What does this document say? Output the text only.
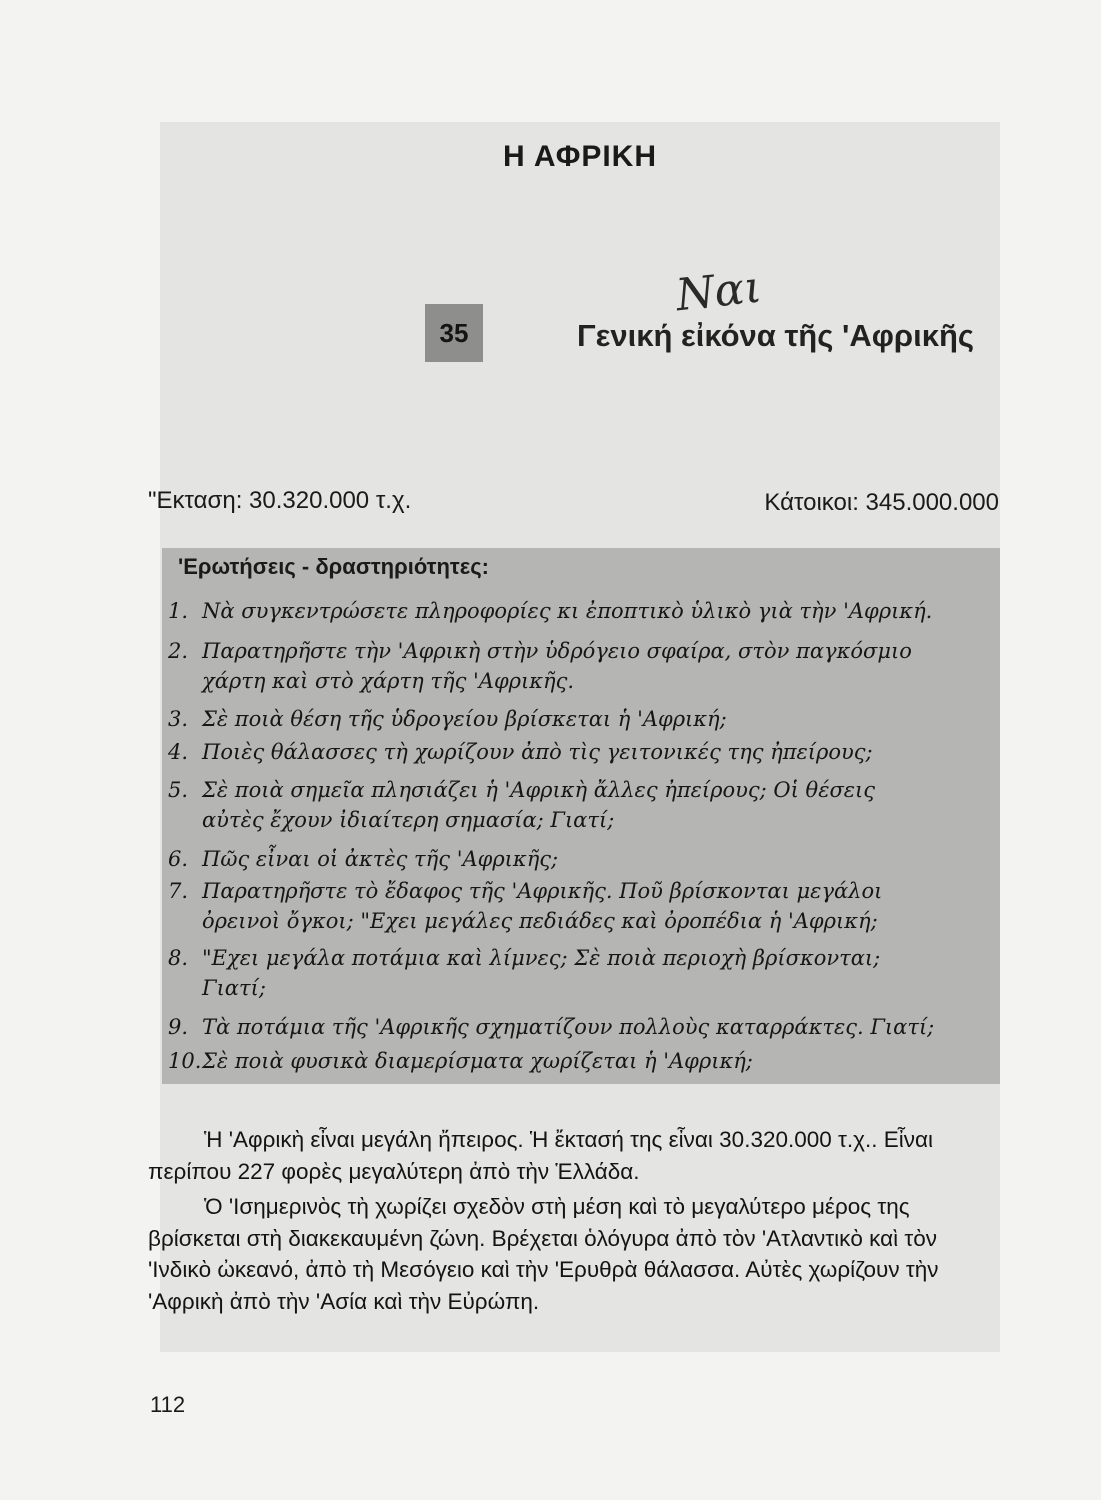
Η ΑΦΡΙΚΗ
Ναι
35	Γενική εἰκόνα τῆς 'Αφρικῆς
"Εκταση: 30.320.000 τ.χ.	Κάτοικοι: 345.000.000
'Ερωτήσεις - δραστηριότητες:
1. Νὰ συγκεντρώσετε πληροφορίες κι ἐποπτικὸ ὑλικὸ γιὰ τὴν 'Αφρική.
2. Παρατηρῆστε τὴν 'Αφρικὴ στὴν ὑδρόγειο σφαίρα, στὸν παγκόσμιο
χάρτη καὶ στὸ χάρτη τῆς 'Αφρικῆς.
3. Σὲ ποιὰ θέση τῆς ὑδρογείου βρίσκεται ἡ 'Αφρική;
4. Ποιὲς θάλασσες τὴ χωρίζουν ἀπὸ τὶς γειτονικές της ἠπείρους;
5. Σὲ ποιὰ σημεῖα πλησιάζει ἡ 'Αφρικὴ ἄλλες ἠπείρους; Οἱ θέσεις
αὐτὲς ἔχουν ἰδιαίτερη σημασία; Γιατί;
6. Πῶς εἶναι οἱ ἀκτὲς τῆς 'Αφρικῆς;
7. Παρατηρῆστε τὸ ἔδαφος τῆς 'Αφρικῆς. Ποῦ βρίσκονται μεγάλοι
ὀρεινοὶ ὄγκοι; "Εχει μεγάλες πεδιάδες καὶ ὀροπέδια ἡ 'Αφρική;
8. "Εχει μεγάλα ποτάμια καὶ λίμνες; Σὲ ποιὰ περιοχὴ βρίσκονται;
Γιατί;
9. Τὰ ποτάμια τῆς 'Αφρικῆς σχηματίζουν πολλοὺς καταρράκτες. Γιατί;
10.Σὲ ποιὰ φυσικὰ διαμερίσματα χωρίζεται ἡ 'Αφρική;
Ἡ 'Αφρικὴ εἶναι μεγάλη ἤπειρος. Ἡ ἔκτασή της εἶναι 30.320.000 τ.χ.. Εἶναι περίπου 227 φορὲς μεγαλύτερη ἀπὸ τὴν Ἑλλάδα.
Ὁ 'Ισημερινὸς τὴ χωρίζει σχεδὸν στὴ μέση καὶ τὸ μεγαλύτερο μέρος της βρίσκεται στὴ διακεκαυμένη ζώνη. Βρέχεται ὁλόγυρα ἀπὸ τὸν 'Ατλαντικὸ καὶ τὸν 'Ινδικὸ ὠκεανό, ἀπὸ τὴ Μεσόγειο καὶ τὴν 'Ερυθρὰ θάλασσα. Αὐτὲς χωρίζουν τὴν 'Αφρικὴ ἀπὸ τὴν 'Ασία καὶ τὴν Εὐρώπη.
112
